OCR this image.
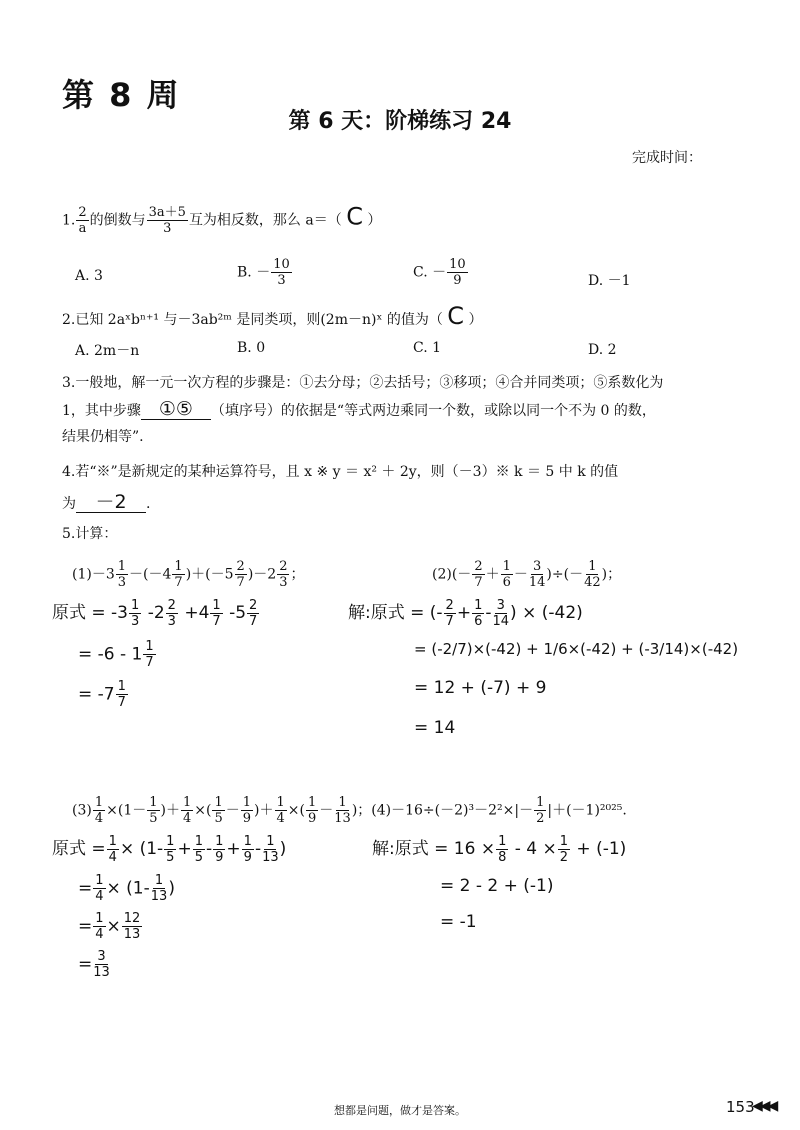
第 8 周
第 6 天：阶梯练习 24
完成时间：
1. $\frac{2}{a}$ 的倒数与 $\frac{3a+5}{3}$ 互为相反数，那么 a＝（ C ）
A. 3	B. － $\frac{10}{3}$	C. － $\frac{10}{9}$	D. －1
2.已知 2aˣbⁿ⁺¹ 与－3ab²ᵐ 是同类项，则(2m－n)ˣ 的值为（ C ）
A. 2m－n	B. 0	C. 1	D. 2
3.一般地，解一元一次方程的步骤是：①去分母；②去括号；③移项；④合并同类项；⑤系数化为
1，其中步骤 ①⑤ （填序号）的依据是“等式两边乘同一个数，或除以同一个不为 0 的数，
结果仍相等”.
4.若“※”是新规定的某种运算符号，且 x ※ y ＝ x² ＋ 2y，则（－3）※ k ＝ 5 中 k 的值
为 －2 .
5.计算：
$(1)-3 \frac{1}{3} -(-4 \frac{1}{7} )+(-5 \frac{2}{7} )-2 \frac{2}{3}$ ；	$(2)(- \frac{2}{7} + \frac{1}{6} - \frac{3}{14}$ )÷(－ $\frac{1}{42}$ )；
原式 = $-3 \frac{1}{3} -2 \frac{2}{3} +4 \frac{1}{7} -5 \frac{2}{7}$
= $-6 - 1 \frac{1}{7}$
= $-7 \frac{1}{7}$
解:原式 = (- $\frac{2}{7} + \frac{1}{6} - \frac{3}{14}$ ) × (-42)
= (-2/7)×(-42) + 1/6×(-42) + (-3/14)×(-42)
= 12 + (-7) + 9
= 14
$(3) \frac{1}{4} \times(1- \frac{1}{5}$ )＋ $\frac{1}{4}$ ×( $\frac{1}{5} - \frac{1}{9}$ )＋ $\frac{1}{4}$ ×( $\frac{1}{9} - \frac{1}{13}$ )；$(4)-16\div(-2)^3-2^2\times|- \frac{1}{2} |+(-1)^{2025}$.
原式 = $\frac{1}{4} \times (1- \frac{1}{5} + \frac{1}{5} - \frac{1}{9} + \frac{1}{9} - \frac{1}{13}$ )
= $\frac{1}{4} \times (1- \frac{1}{13}$ )
= $\frac{1}{4} \times \frac{12}{13}$
= $\frac{3}{13}$
解:原式 = $16 \times \frac{1}{8} - 4 \times \frac{1}{2} + (-1)$
= 2 - 2 + (-1)
= -1
想都是问题，做才是答案。	153
◀◀◀
